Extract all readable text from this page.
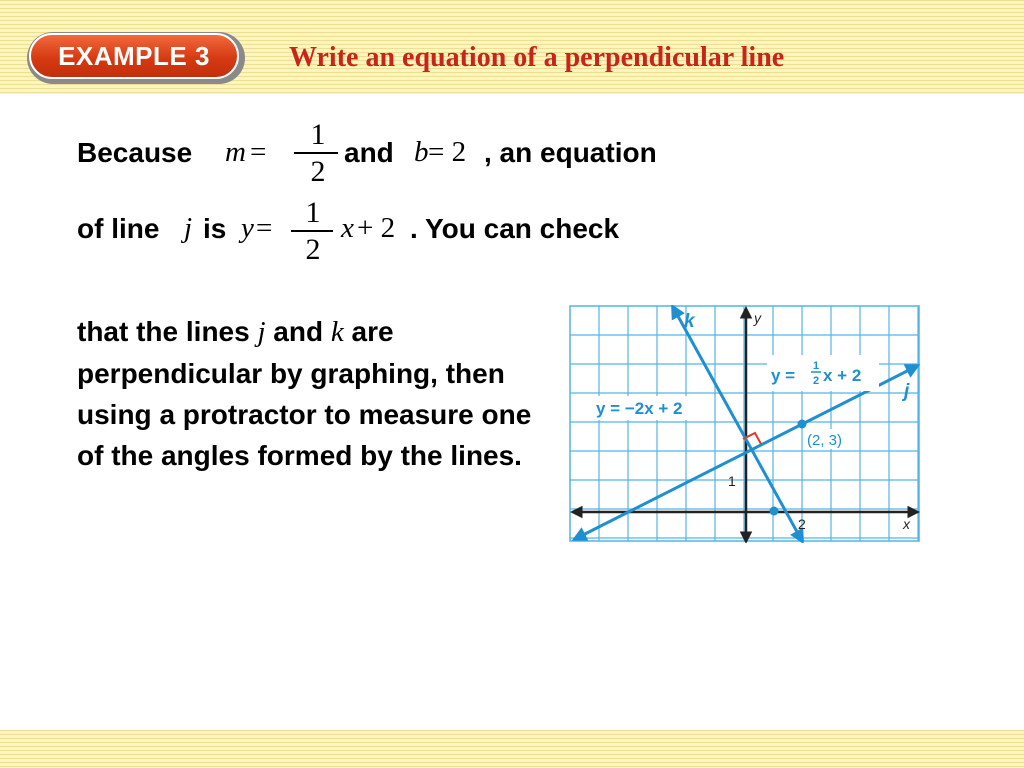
EXAMPLE 3	Write an equation of a perpendicular line
Because m =
1
2
and b = 2 , an equation
of line j is y =	1
2
x + 2 . You can check
that the lines j and k are perpendicular by graphing, then using a protractor to measure one of the angles formed by the lines.
y
x
2
1
k
j
y = −2x + 2
y = 1
2 x + 2
(2, 3)
